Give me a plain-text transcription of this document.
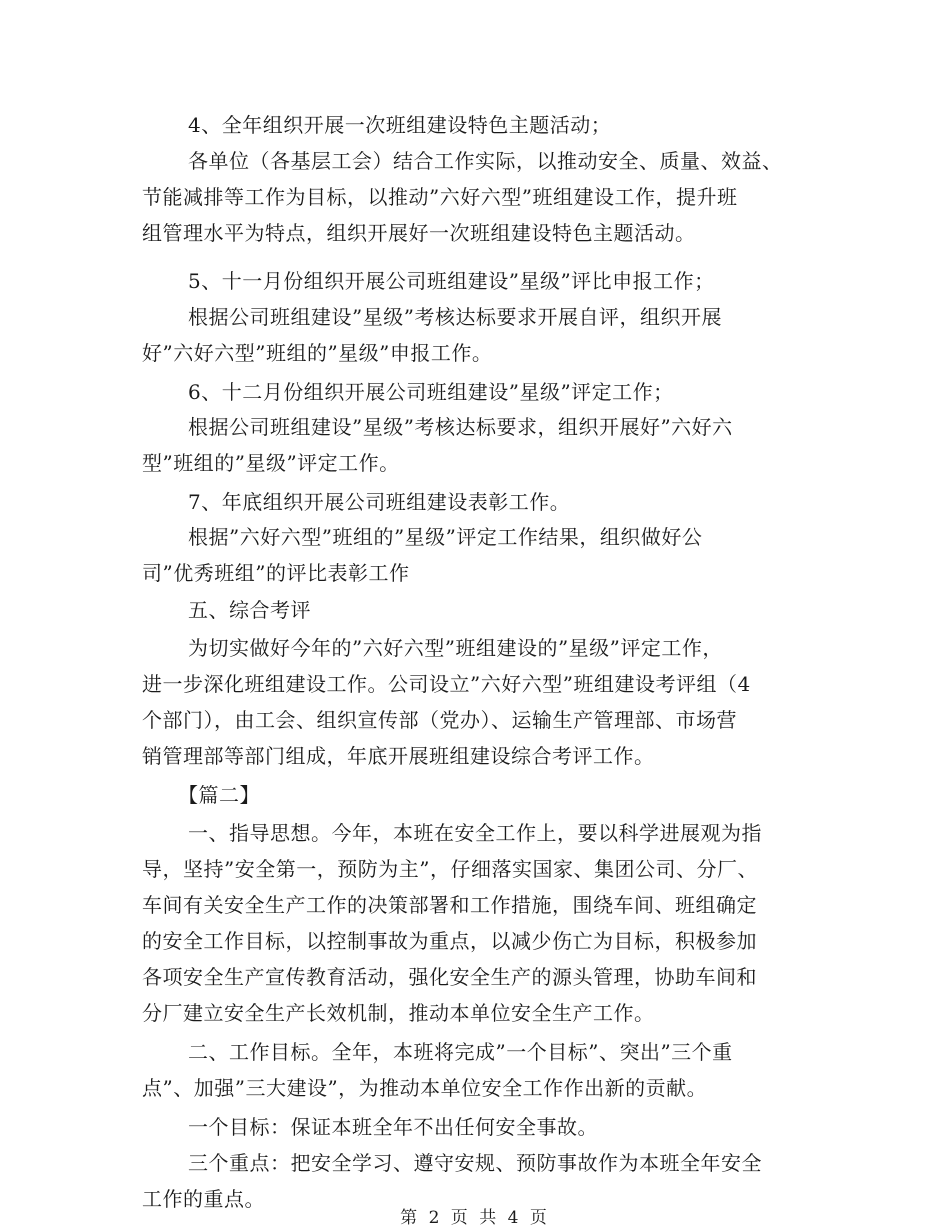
4、全年组织开展一次班组建设特色主题活动；
各单位（各基层工会）结合工作实际，以推动安全、质量、效益、
节能减排等工作为目标，以推动”六好六型”班组建设工作，提升班
组管理水平为特点，组织开展好一次班组建设特色主题活动。
5、十一月份组织开展公司班组建设”星级”评比申报工作；
根据公司班组建设”星级”考核达标要求开展自评，组织开展
好”六好六型”班组的”星级”申报工作。
6、十二月份组织开展公司班组建设”星级”评定工作；
根据公司班组建设”星级”考核达标要求，组织开展好”六好六
型”班组的”星级”评定工作。
7、年底组织开展公司班组建设表彰工作。
根据”六好六型”班组的”星级”评定工作结果，组织做好公
司”优秀班组”的评比表彰工作
五、综合考评
为切实做好今年的”六好六型”班组建设的”星级”评定工作，
进一步深化班组建设工作。公司设立”六好六型”班组建设考评组（4
个部门），由工会、组织宣传部（党办）、运输生产管理部、市场营
销管理部等部门组成，年底开展班组建设综合考评工作。
【篇二】
一、指导思想。今年，本班在安全工作上，要以科学进展观为指
导，坚持”安全第一，预防为主”，仔细落实国家、集团公司、分厂、
车间有关安全生产工作的决策部署和工作措施，围绕车间、班组确定
的安全工作目标，以控制事故为重点，以减少伤亡为目标，积极参加
各项安全生产宣传教育活动，强化安全生产的源头管理，协助车间和
分厂建立安全生产长效机制，推动本单位安全生产工作。
二、工作目标。全年，本班将完成”一个目标”、突出”三个重
点”、加强”三大建设”，为推动本单位安全工作作出新的贡献。
一个目标：保证本班全年不出任何安全事故。
三个重点：把安全学习、遵守安规、预防事故作为本班全年安全
工作的重点。
第 2 页 共 4 页
